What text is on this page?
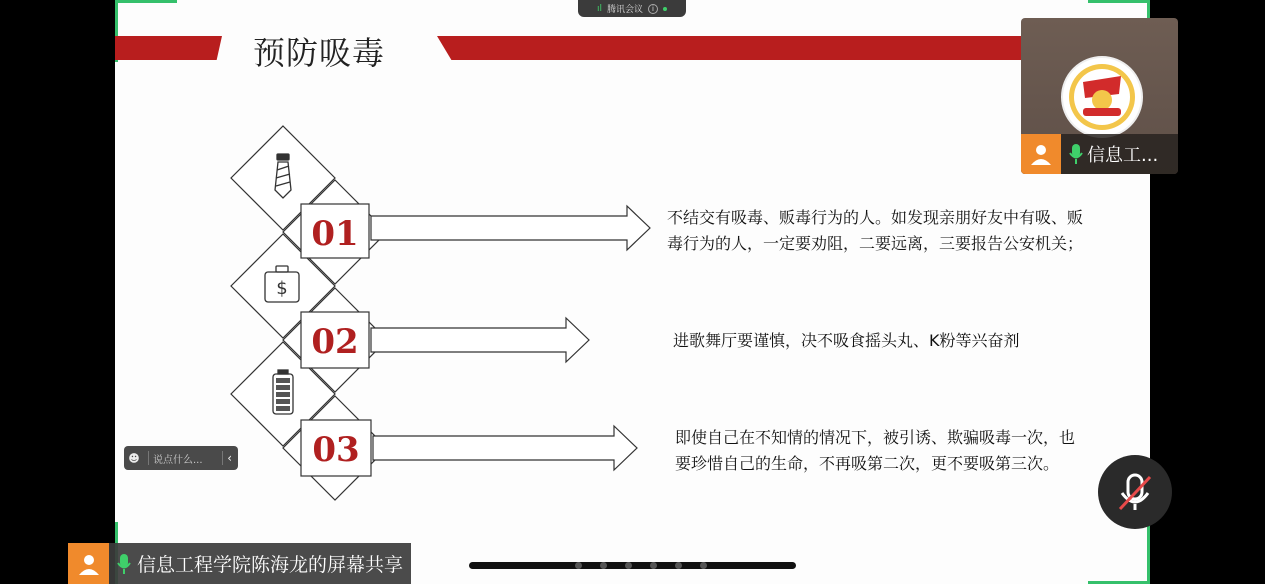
预防吸毒
$
01
02
03
不结交有吸毒、贩毒行为的人。如发现亲朋好友中有吸、贩
毒行为的人，一定要劝阻，二要远离，三要报告公安机关；
进歌舞厅要谨慎，决不吸食摇头丸、K粉等兴奋剂
即使自己在不知情的情况下，被引诱、欺骗吸毒一次，也
要珍惜自己的生命，不再吸第二次，更不要吸第三次。
ıl 腾讯会议	i
☻	说点什么... ‹
信息工...
信息工程学院陈海龙的屏幕共享
